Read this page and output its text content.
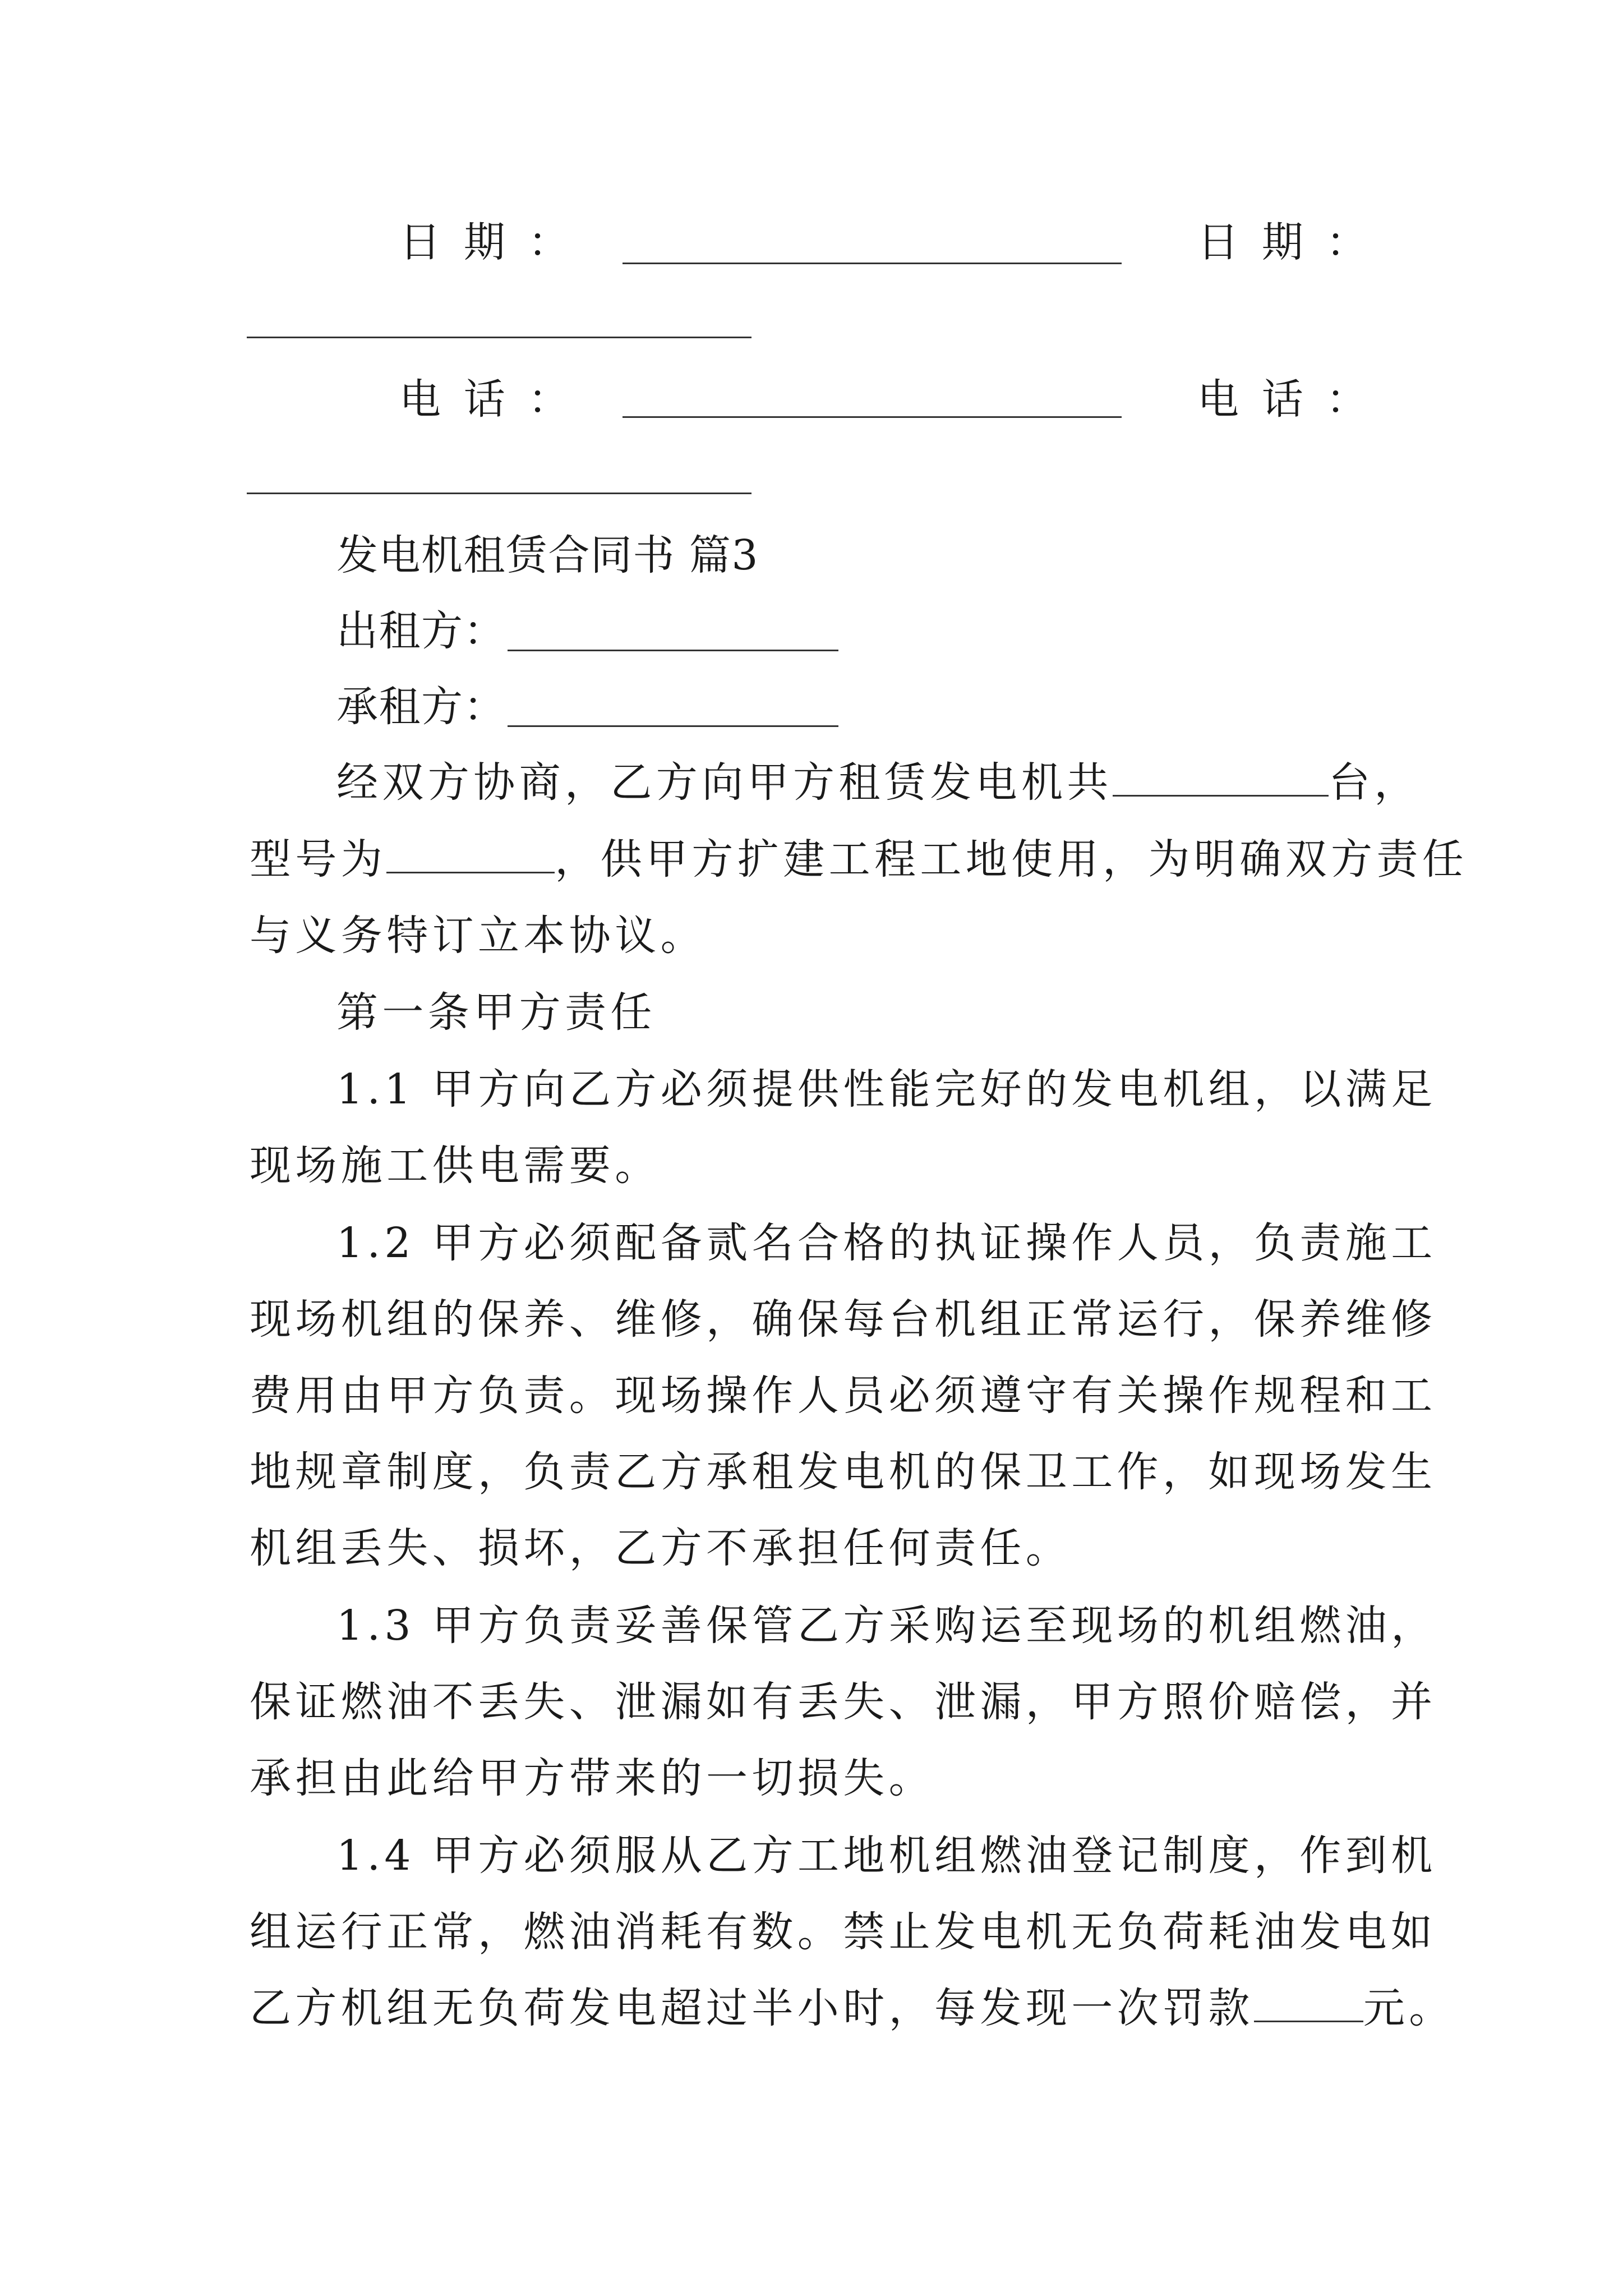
日期：	日期：
电话：	电话：
发电机租赁合同书 篇3
出租方：
承租方：
经双方协商，乙方向甲方租赁发电机共	台，
型号为	，供甲方扩建工程工地使用，为明确双方责任
与义务特订立本协议。
第一条甲方责任
1.1 甲方向乙方必须提供性能完好的发电机组，以满足
现场施工供电需要。
1.2 甲方必须配备贰名合格的执证操作人员，负责施工
现场机组的保养、维修，确保每台机组正常运行，保养维修
费用由甲方负责。现场操作人员必须遵守有关操作规程和工
地规章制度，负责乙方承租发电机的保卫工作，如现场发生
机组丢失、损坏，乙方不承担任何责任。
1.3 甲方负责妥善保管乙方采购运至现场的机组燃油，
保证燃油不丢失、泄漏如有丢失、泄漏，甲方照价赔偿，并
承担由此给甲方带来的一切损失。
1.4 甲方必须服从乙方工地机组燃油登记制度，作到机
组运行正常，燃油消耗有数。禁止发电机无负荷耗油发电如
乙方机组无负荷发电超过半小时，每发现一次罚款	元。
